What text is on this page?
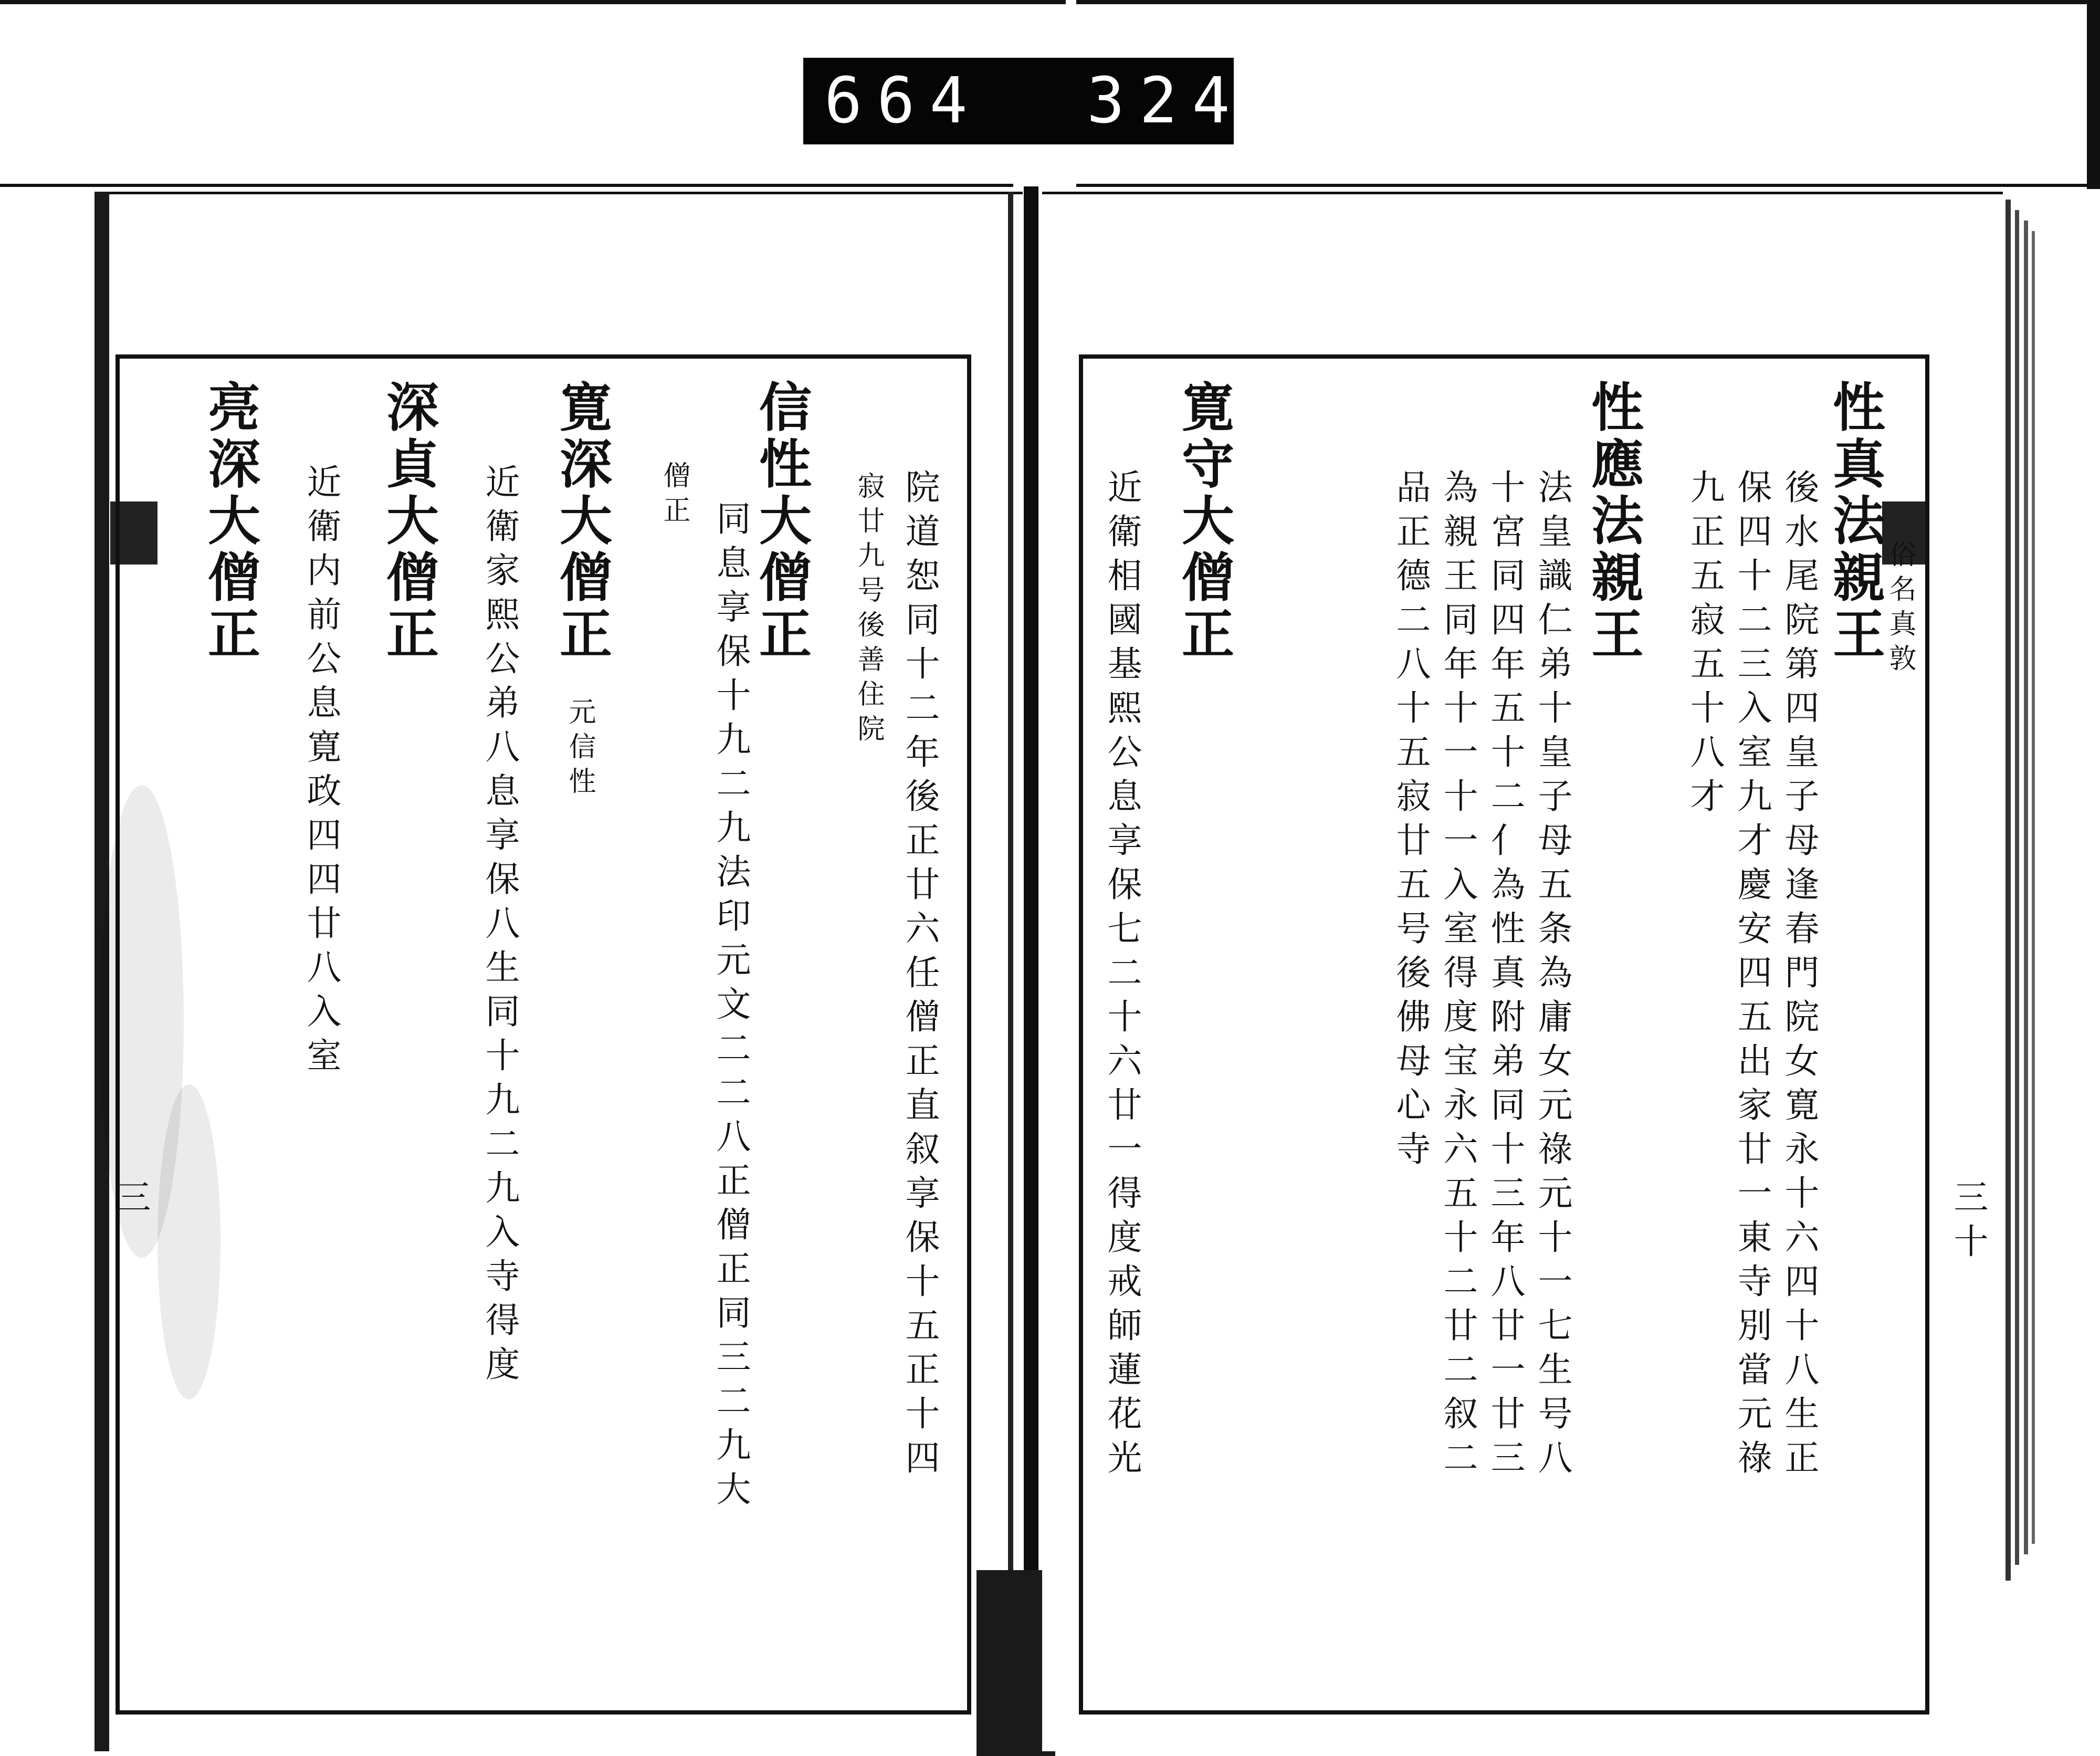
664 324
院道恕同十二年後正廿六任僧正直叙享保十五正十四
寂廿九号後善住院
信性大僧正
同息享保十九二九法印元文二二八正僧正同三二九大
僧正
寛深大僧正
元信性
近衛家熙公弟八息享保八生同十九二九入寺得度
深貞大僧正
近衛内前公息寛政四四廿八入室
亮深大僧正
三
性真法親王
俗名真敦
後水尾院第四皇子母逢春門院女寛永十六四十八生正
保四十二三入室九才慶安四五出家廿一東寺別當元祿
九正五寂五十八才
性應法親王
法皇識仁弟十皇子母五条為庸女元祿元十一七生号八
十宮同四年五十二亻為性真附弟同十三年八廿一廿三
為親王同年十一十一入室得度宝永六五十二廿二叙二
品正德二八十五寂廿五号後佛母心寺
寛守大僧正
近衛相國基熙公息享保七二十六廿一得度戒師蓮花光	三十
